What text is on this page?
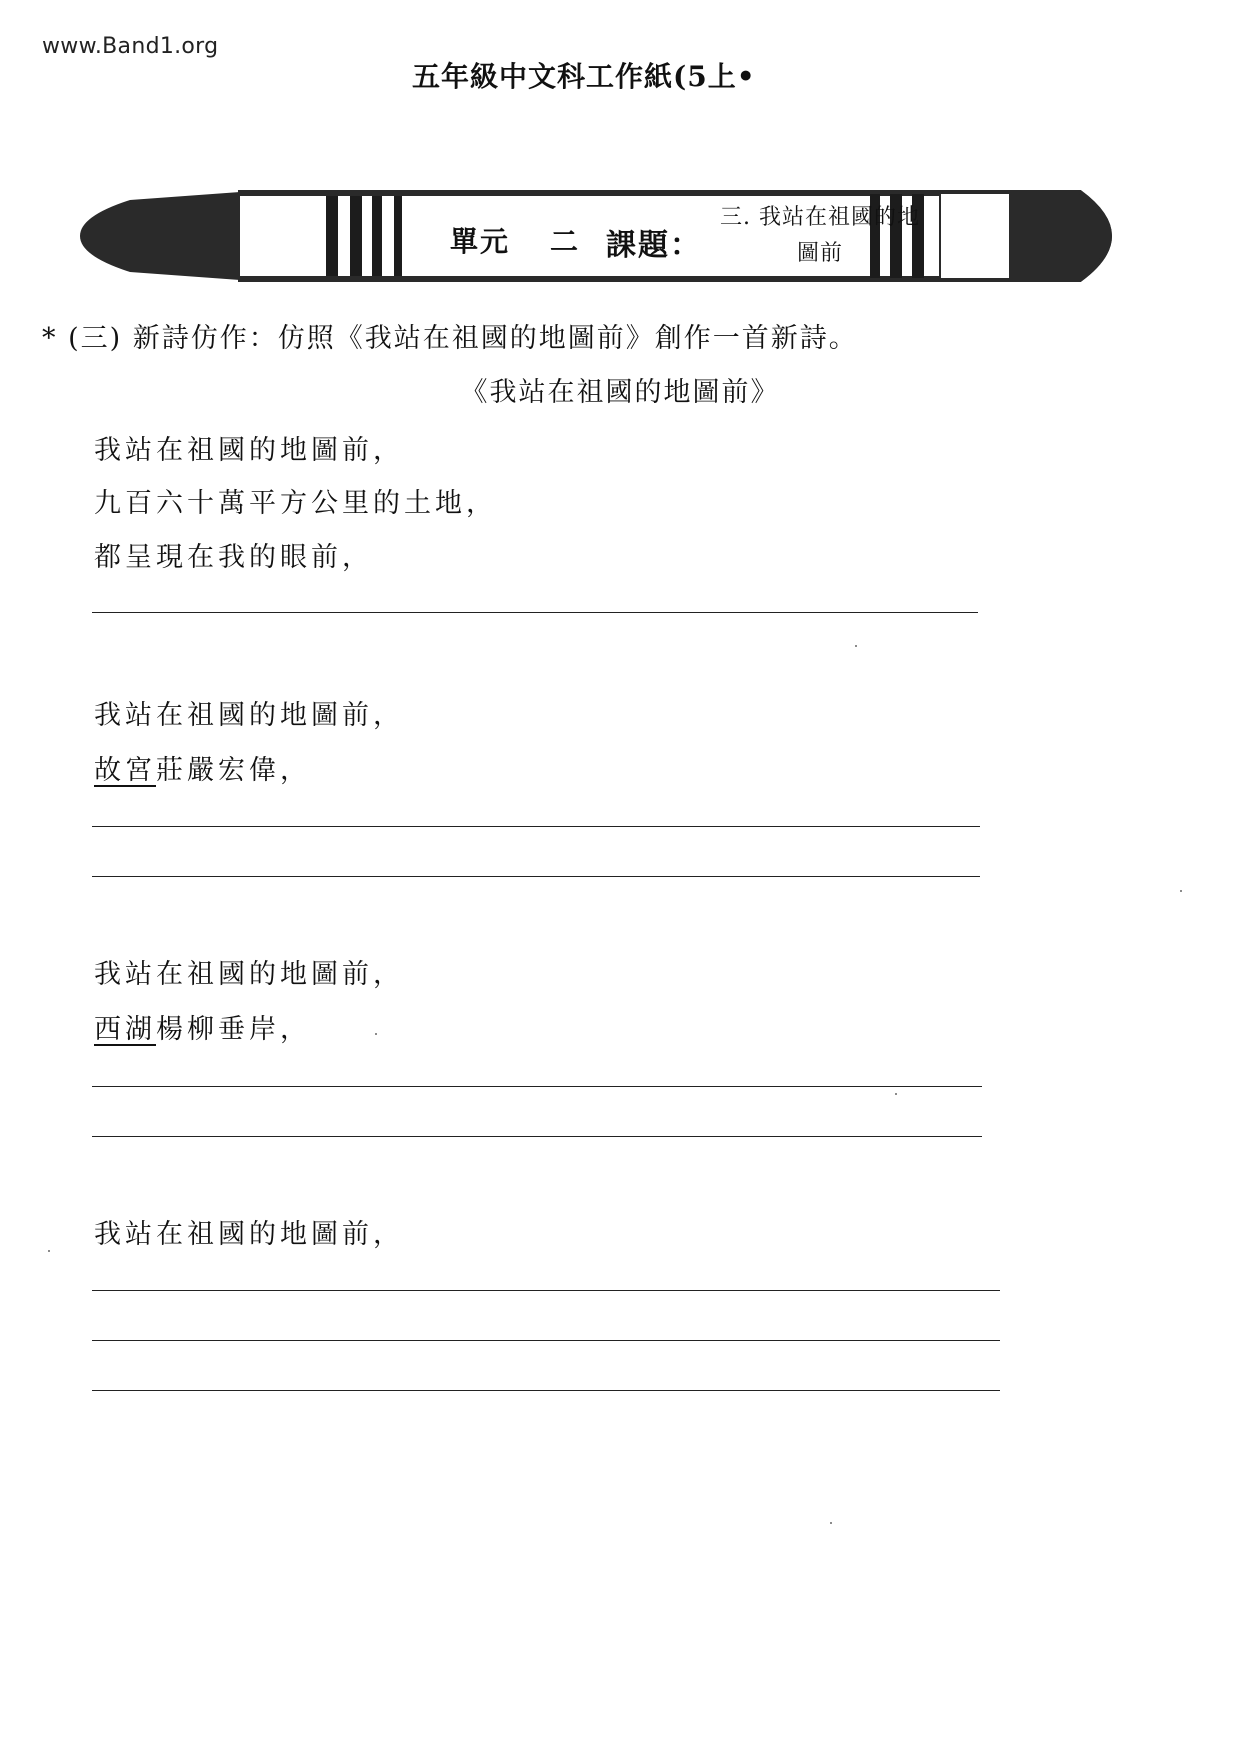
www.Band1.org
五年級中文科工作紙(5上•
單元 二 課題：
三. 我站在祖國的地
圖前
* (三) 新詩仿作：仿照《我站在祖國的地圖前》創作一首新詩。
《我站在祖國的地圖前》
我站在祖國的地圖前，
九百六十萬平方公里的土地，
都呈現在我的眼前，
我站在祖國的地圖前，
故宮莊嚴宏偉，
我站在祖國的地圖前，
西湖楊柳垂岸，
我站在祖國的地圖前，
